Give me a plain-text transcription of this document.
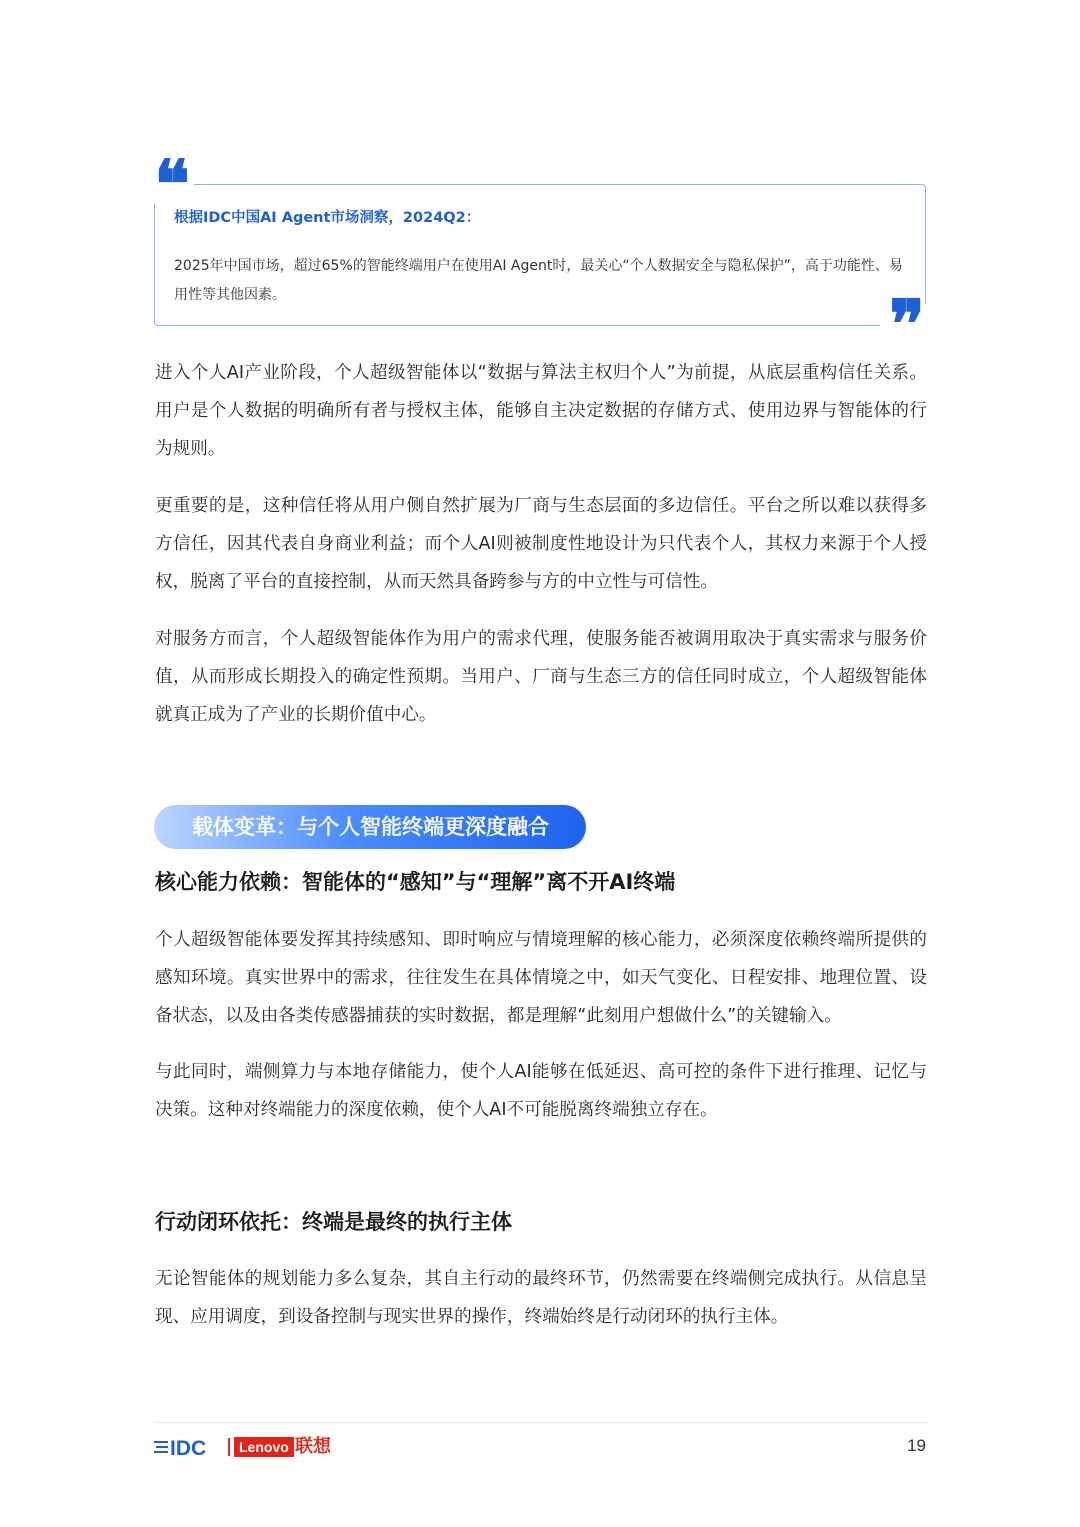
❝
❞
根据IDC中国AI Agent市场洞察，2024Q2：
2025年中国市场，超过65%的智能终端用户在使用AI Agent时，最关心“个人数据安全与隐私保护”，高于功能性、易用性等其他因素。
进入个人AI产业阶段，个人超级智能体以“数据与算法主权归个人”为前提，从底层重构信任关系。用户是个人数据的明确所有者与授权主体，能够自主决定数据的存储方式、使用边界与智能体的行为规则。
更重要的是，这种信任将从用户侧自然扩展为厂商与生态层面的多边信任。平台之所以难以获得多方信任，因其代表自身商业利益；而个人AI则被制度性地设计为只代表个人，其权力来源于个人授权，脱离了平台的直接控制，从而天然具备跨参与方的中立性与可信性。
对服务方而言，个人超级智能体作为用户的需求代理，使服务能否被调用取决于真实需求与服务价值，从而形成长期投入的确定性预期。当用户、厂商与生态三方的信任同时成立，个人超级智能体就真正成为了产业的长期价值中心。
载体变革：与个人智能终端更深度融合
核心能力依赖：智能体的“感知”与“理解”离不开AI终端
个人超级智能体要发挥其持续感知、即时响应与情境理解的核心能力，必须深度依赖终端所提供的感知环境。真实世界中的需求，往往发生在具体情境之中，如天气变化、日程安排、地理位置、设备状态，以及由各类传感器捕获的实时数据，都是理解“此刻用户想做什么”的关键输入。
与此同时，端侧算力与本地存储能力，使个人AI能够在低延迟、高可控的条件下进行推理、记忆与决策。这种对终端能力的深度依赖，使个人AI不可能脱离终端独立存在。
行动闭环依托：终端是最终的执行主体
无论智能体的规划能力多么复杂，其自主行动的最终环节，仍然需要在终端侧完成执行。从信息呈现、应用调度，到设备控制与现实世界的操作，终端始终是行动闭环的执行主体。
IDC	Lenovo 联想	19
